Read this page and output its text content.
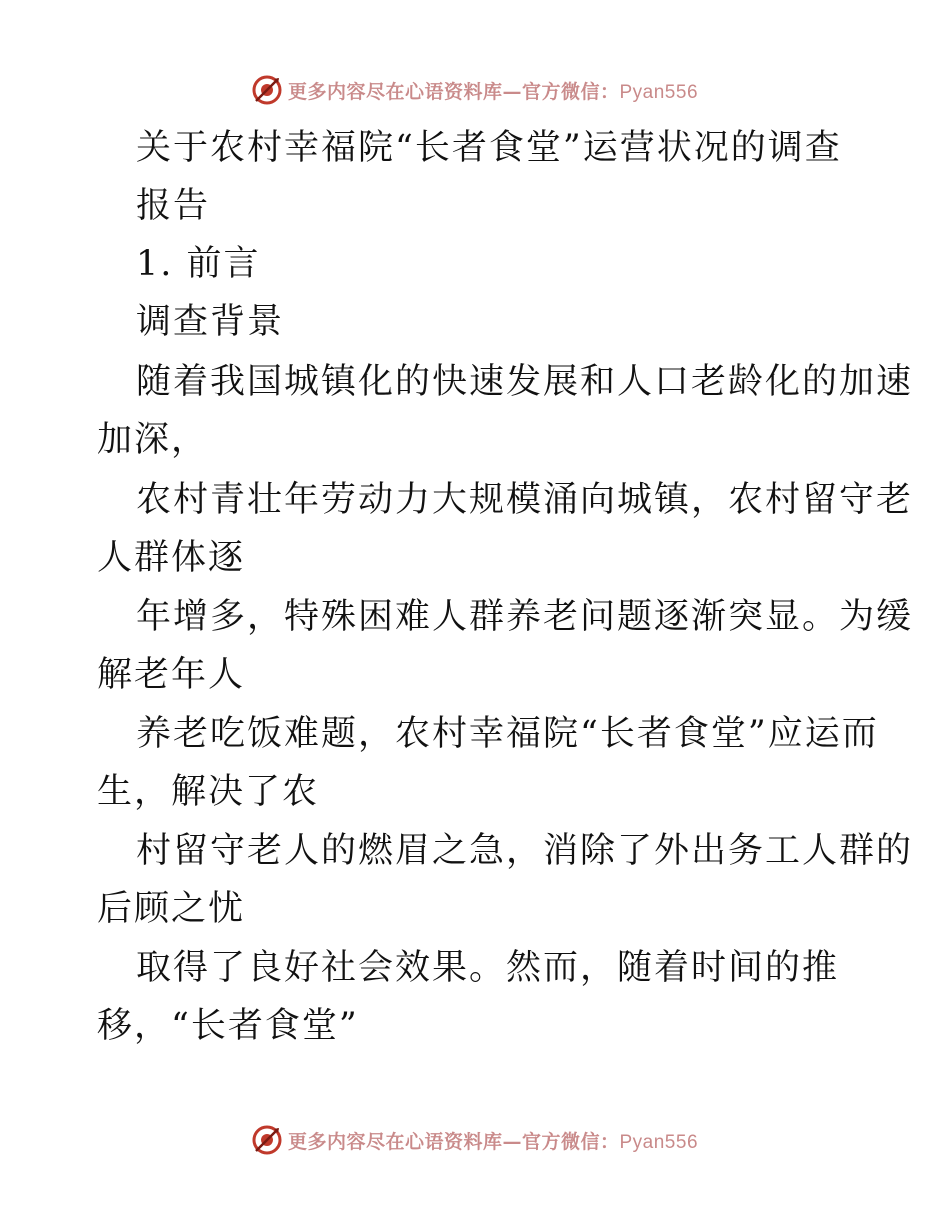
更多内容尽在心语资料库—官方微信：Pyan556
关于农村幸福院“长者食堂”运营状况的调查
报告
1. 前言
调查背景
随着我国城镇化的快速发展和人口老龄化的加速
加深，
农村青壮年劳动力大规模涌向城镇，农村留守老
人群体逐
年增多，特殊困难人群养老问题逐渐突显。为缓
解老年人
养老吃饭难题，农村幸福院“长者食堂”应运而
生，解决了农
村留守老人的燃眉之急，消除了外出务工人群的
后顾之忧
取得了良好社会效果。然而，随着时间的推
移，“长者食堂”
更多内容尽在心语资料库—官方微信：Pyan556
